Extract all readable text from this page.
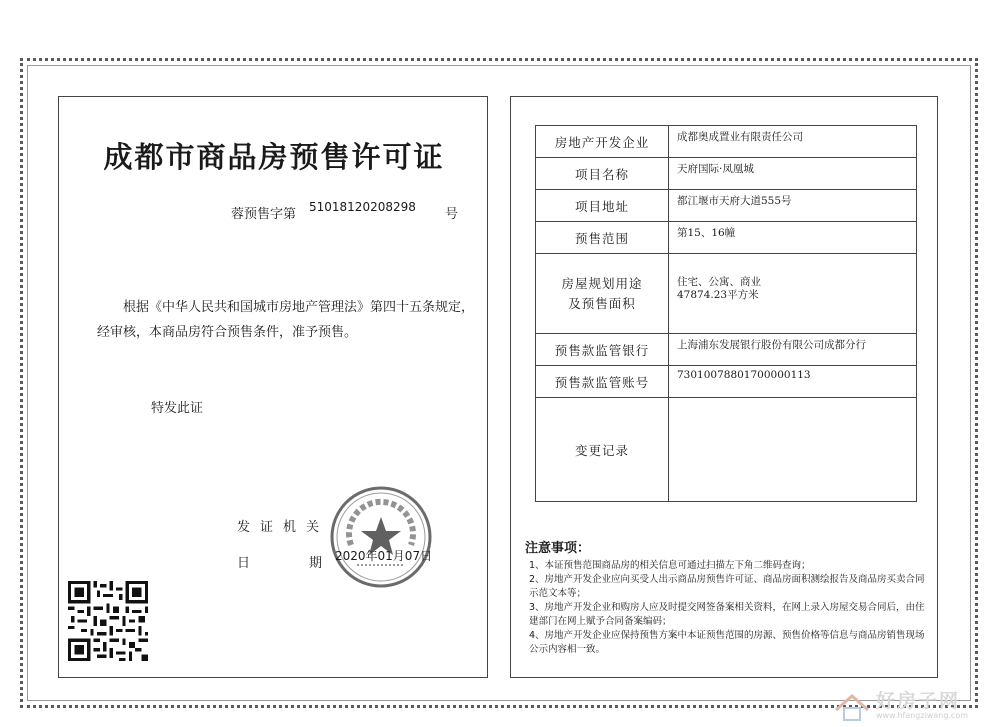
成都市商品房预售许可证
蓉预售字第 51018120208298 号
根据《中华人民共和国城市房地产管理法》第四十五条规定，经审核，本商品房符合预售条件，准予预售。
特发此证
发证机关
日	期 2020年01月07日
房地产开发企业	成都奥成置业有限责任公司
项目名称	天府国际·凤凰城
项目地址	都江堰市天府大道555号
预售范围	第15、16幢
房屋规划用途
及预售面积	住宅、公寓、商业
47874.23平方米
预售款监管银行	上海浦东发展银行股份有限公司成都分行
预售款监管账号	73010078801700000113
变更记录	
注意事项：
1、本证预售范围商品房的相关信息可通过扫描左下角二维码查询；
2、房地产开发企业应向买受人出示商品房预售许可证、商品房面积测绘报告及商品房买卖合同示范文本等；
3、房地产开发企业和购房人应及时提交网签备案相关资料，在网上录入房屋交易合同后，由住建部门在网上赋予合同备案编码；
4、房地产开发企业应保持预售方案中本证预售范围的房源、预售价格等信息与商品房销售现场公示内容相一致。
好房子网
www.hfangziwang.com
